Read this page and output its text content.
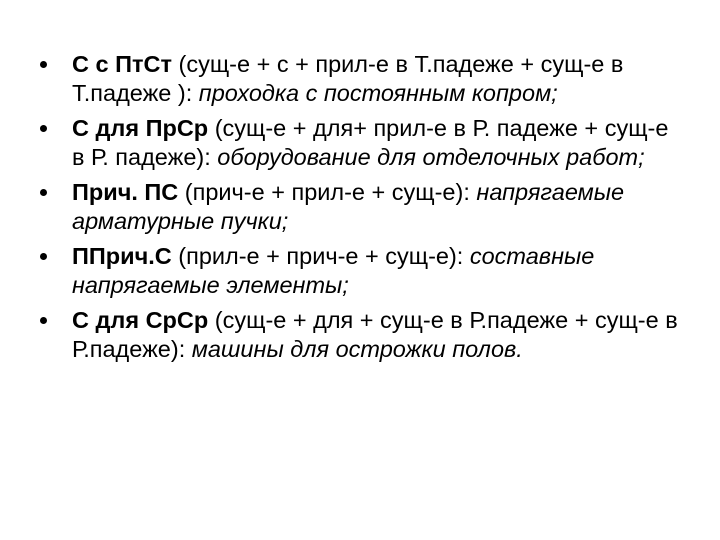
С с ПтСт (сущ-е + с + прил-е в Т.падеже + сущ-е в Т.падеже ): проходка с постоянным копром;
С для ПрСр (сущ-е + для+ прил-е в Р. падеже + сущ-е в Р. падеже): оборудование для отделочных работ;
Прич. ПС (прич-е + прил-е + сущ-е): напрягаемые арматурные пучки;
ППрич.С (прил-е + прич-е + сущ-е): составные напрягаемые элементы;
С для СрСр (сущ-е + для + сущ-е в Р.падеже + сущ-е в Р.падеже): машины для острожки полов.
